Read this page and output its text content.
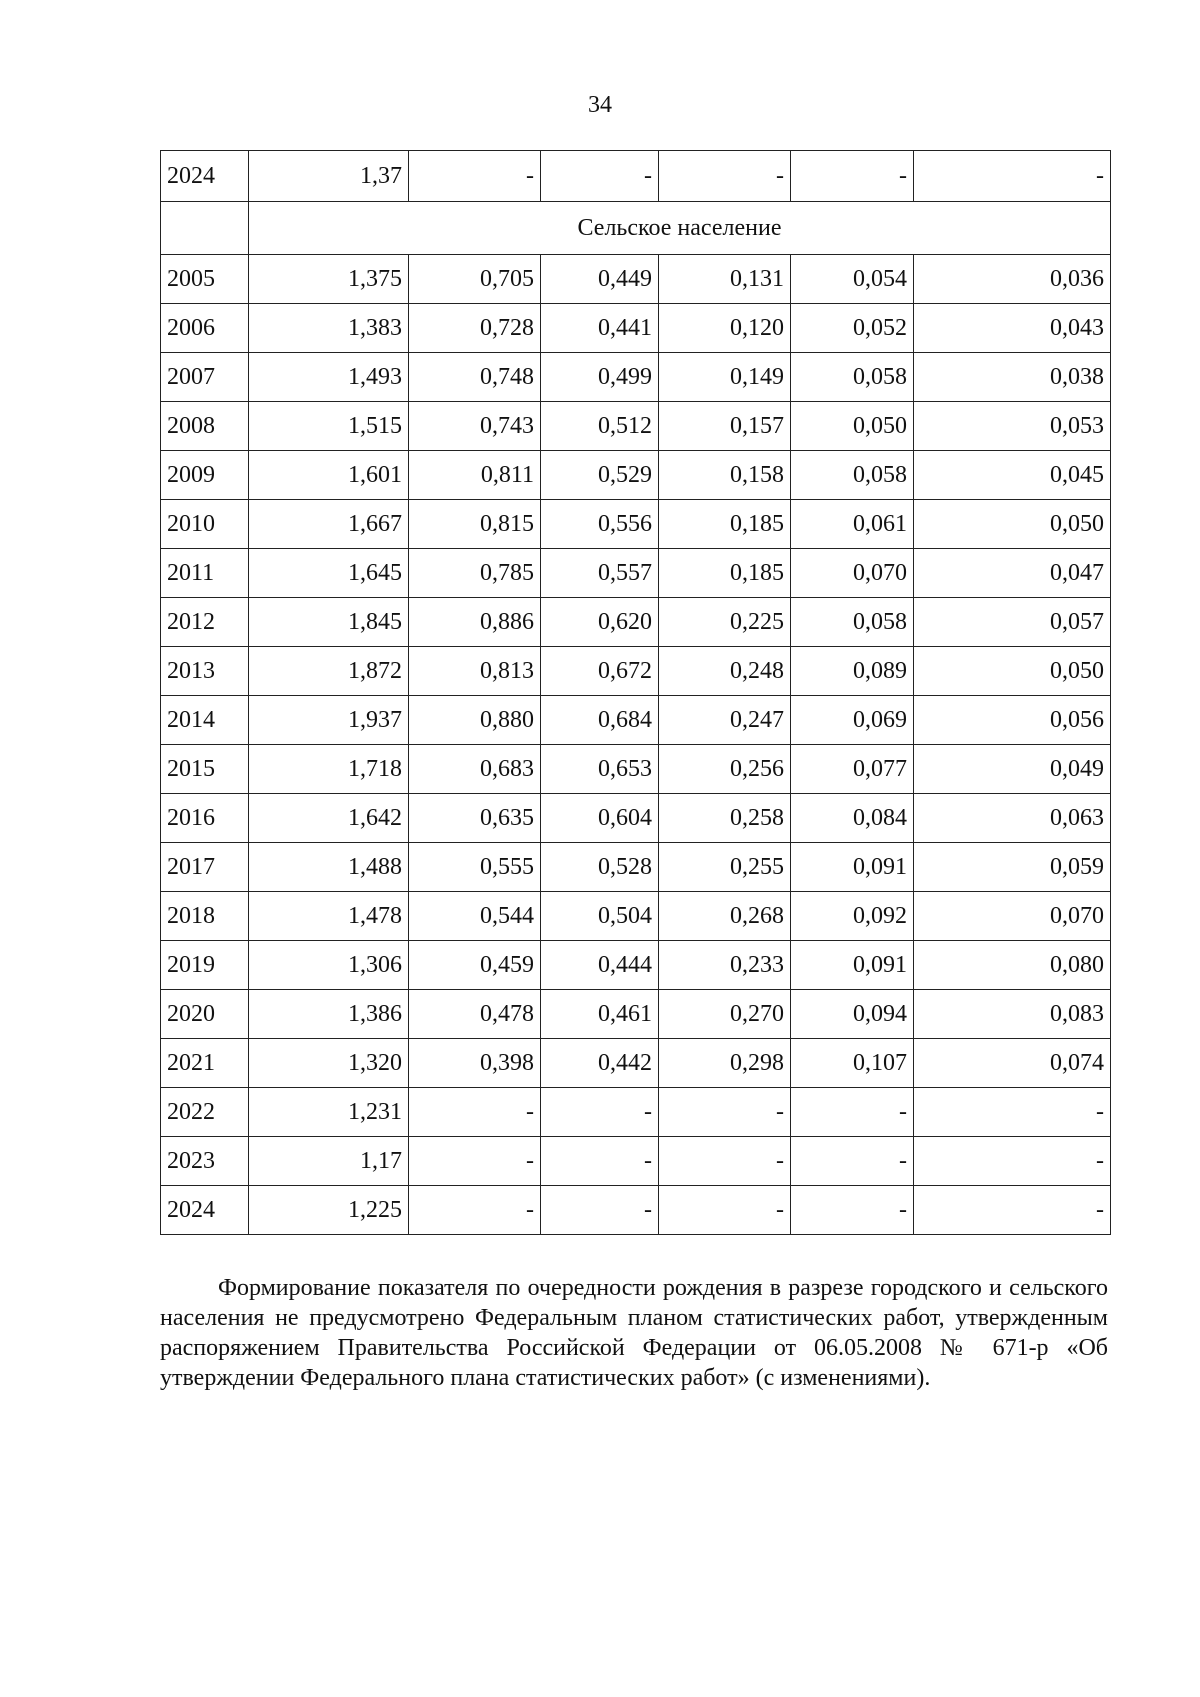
34
2024	1,37	-	-	-	-	-
	Сельское население					
2005	1,375	0,705	0,449	0,131	0,054	0,036
2006	1,383	0,728	0,441	0,120	0,052	0,043
2007	1,493	0,748	0,499	0,149	0,058	0,038
2008	1,515	0,743	0,512	0,157	0,050	0,053
2009	1,601	0,811	0,529	0,158	0,058	0,045
2010	1,667	0,815	0,556	0,185	0,061	0,050
2011	1,645	0,785	0,557	0,185	0,070	0,047
2012	1,845	0,886	0,620	0,225	0,058	0,057
2013	1,872	0,813	0,672	0,248	0,089	0,050
2014	1,937	0,880	0,684	0,247	0,069	0,056
2015	1,718	0,683	0,653	0,256	0,077	0,049
2016	1,642	0,635	0,604	0,258	0,084	0,063
2017	1,488	0,555	0,528	0,255	0,091	0,059
2018	1,478	0,544	0,504	0,268	0,092	0,070
2019	1,306	0,459	0,444	0,233	0,091	0,080
2020	1,386	0,478	0,461	0,270	0,094	0,083
2021	1,320	0,398	0,442	0,298	0,107	0,074
2022	1,231	-	-	-	-	-
2023	1,17	-	-	-	-	-
2024	1,225	-	-	-	-	-
Формирование показателя по очередности рождения в разрезе городского и сельского населения не предусмотрено Федеральным планом статистических работ, утвержденным распоряжением Правительства Российской Федерации от 06.05.2008 № 671-р «Об утверждении Федерального плана статистических работ» (с изменениями).
